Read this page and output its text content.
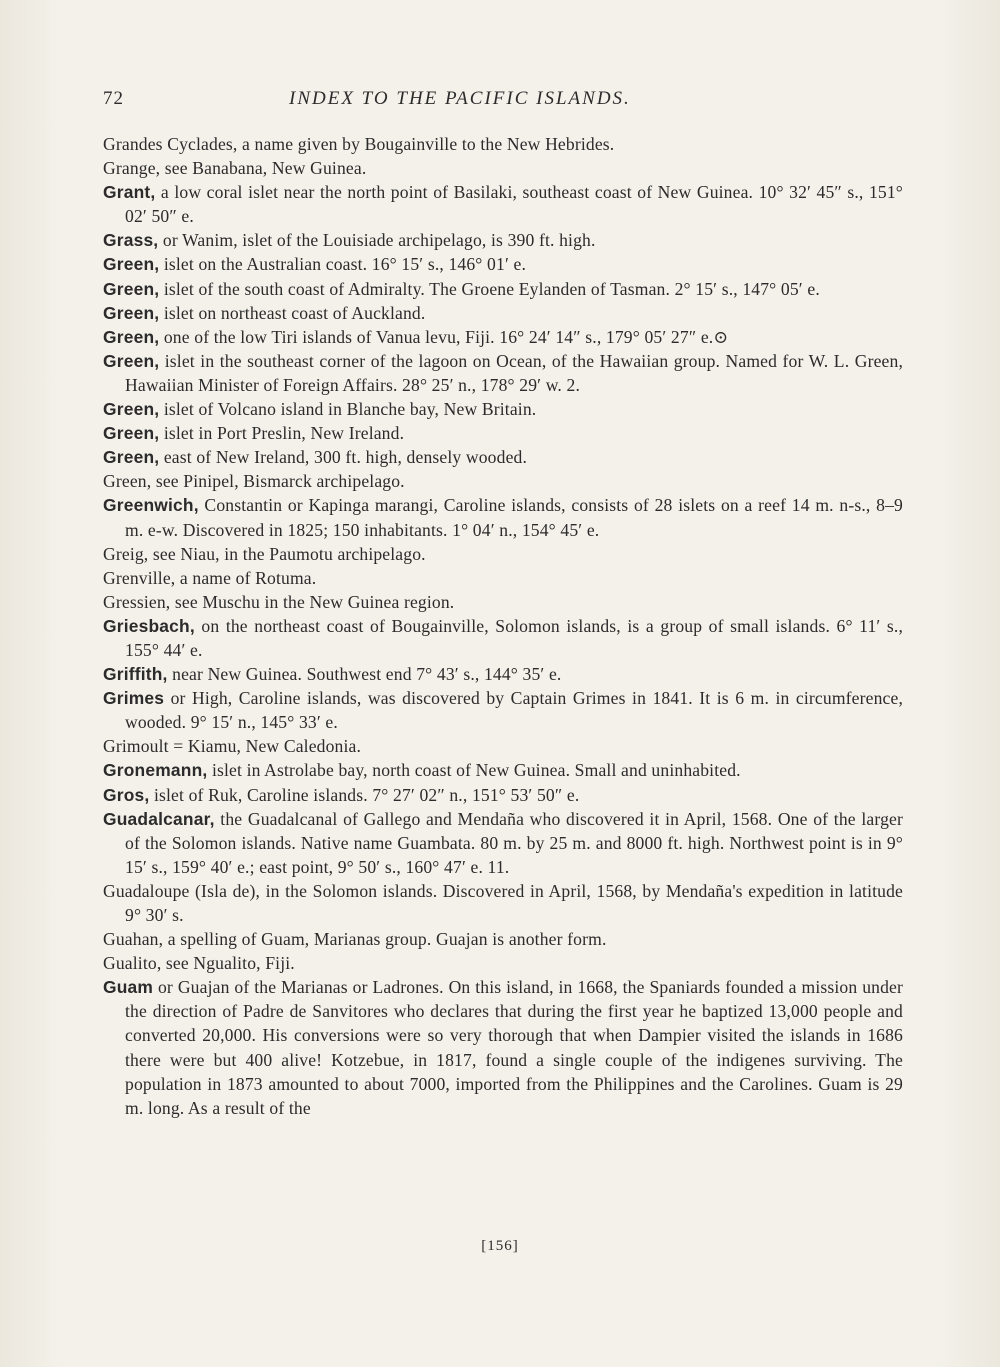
72	INDEX TO THE PACIFIC ISLANDS.
Grandes Cyclades, a name given by Bougainville to the New Hebrides.
Grange, see Banabana, New Guinea.
Grant, a low coral islet near the north point of Basilaki, southeast coast of New Guinea. 10° 32′ 45″ s., 151° 02′ 50″ e.
Grass, or Wanim, islet of the Louisiade archipelago, is 390 ft. high.
Green, islet on the Australian coast. 16° 15′ s., 146° 01′ e.
Green, islet of the south coast of Admiralty. The Groene Eylanden of Tasman. 2° 15′ s., 147° 05′ e.
Green, islet on northeast coast of Auckland.
Green, one of the low Tiri islands of Vanua levu, Fiji. 16° 24′ 14″ s., 179° 05′ 27″ e.⊙
Green, islet in the southeast corner of the lagoon on Ocean, of the Hawaiian group. Named for W. L. Green, Hawaiian Minister of Foreign Affairs. 28° 25′ n., 178° 29′ w. 2.
Green, islet of Volcano island in Blanche bay, New Britain.
Green, islet in Port Preslin, New Ireland.
Green, east of New Ireland, 300 ft. high, densely wooded.
Green, see Pinipel, Bismarck archipelago.
Greenwich, Constantin or Kapinga marangi, Caroline islands, consists of 28 islets on a reef 14 m. n-s., 8–9 m. e-w. Discovered in 1825; 150 inhabitants. 1° 04′ n., 154° 45′ e.
Greig, see Niau, in the Paumotu archipelago.
Grenville, a name of Rotuma.
Gressien, see Muschu in the New Guinea region.
Griesbach, on the northeast coast of Bougainville, Solomon islands, is a group of small islands. 6° 11′ s., 155° 44′ e.
Griffith, near New Guinea. Southwest end 7° 43′ s., 144° 35′ e.
Grimes or High, Caroline islands, was discovered by Captain Grimes in 1841. It is 6 m. in circumference, wooded. 9° 15′ n., 145° 33′ e.
Grimoult = Kiamu, New Caledonia.
Gronemann, islet in Astrolabe bay, north coast of New Guinea. Small and uninhabited.
Gros, islet of Ruk, Caroline islands. 7° 27′ 02″ n., 151° 53′ 50″ e.
Guadalcanar, the Guadalcanal of Gallego and Mendaña who discovered it in April, 1568. One of the larger of the Solomon islands. Native name Guambata. 80 m. by 25 m. and 8000 ft. high. Northwest point is in 9° 15′ s., 159° 40′ e.; east point, 9° 50′ s., 160° 47′ e. 11.
Guadaloupe (Isla de), in the Solomon islands. Discovered in April, 1568, by Mendaña's expedition in latitude 9° 30′ s.
Guahan, a spelling of Guam, Marianas group. Guajan is another form.
Gualito, see Ngualito, Fiji.
Guam or Guajan of the Marianas or Ladrones. On this island, in 1668, the Spaniards founded a mission under the direction of Padre de Sanvitores who declares that during the first year he baptized 13,000 people and converted 20,000. His conversions were so very thorough that when Dampier visited the islands in 1686 there were but 400 alive! Kotzebue, in 1817, found a single couple of the indigenes surviving. The population in 1873 amounted to about 7000, imported from the Philippines and the Carolines. Guam is 29 m. long. As a result of the
[156]
